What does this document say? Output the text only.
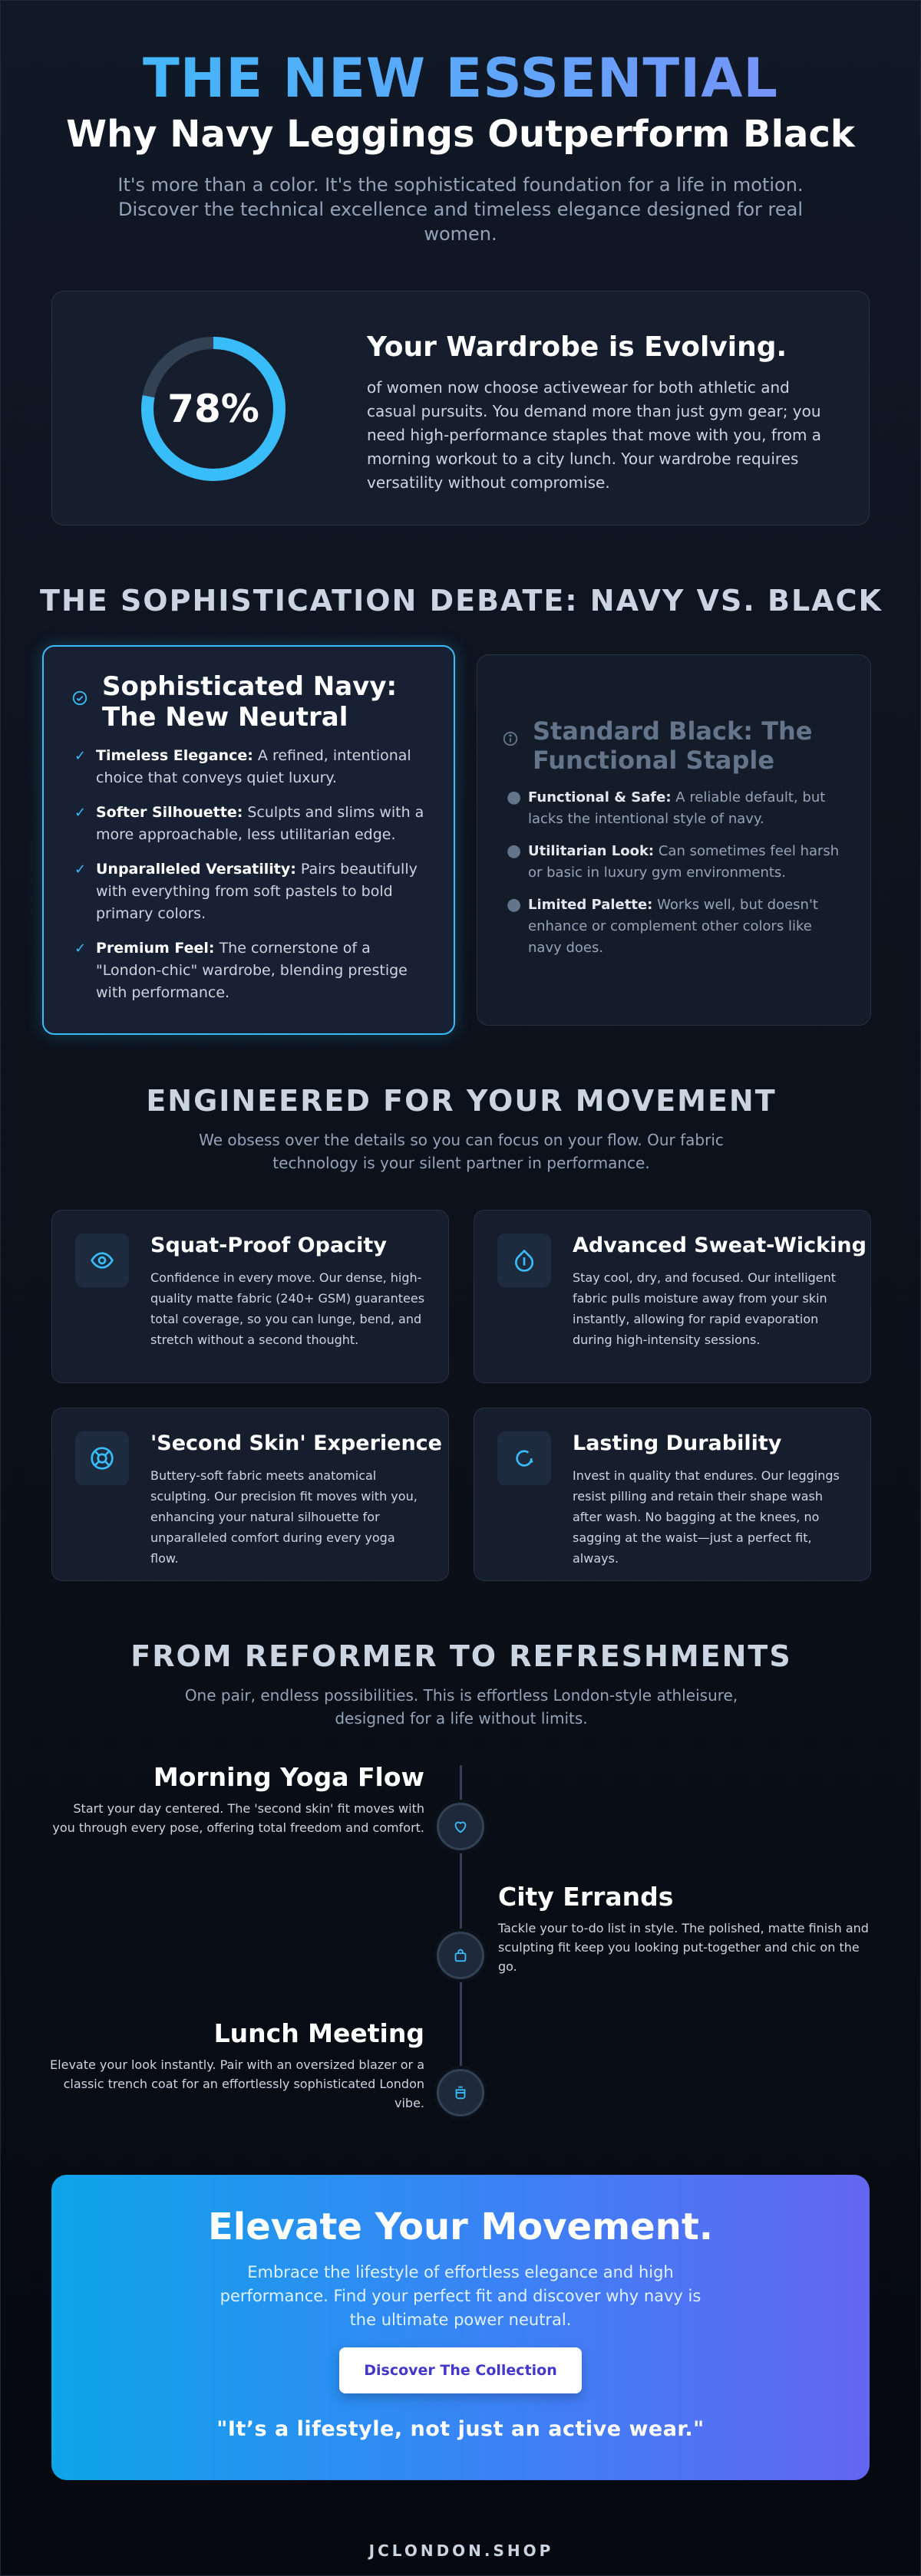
THE NEW ESSENTIAL
Why Navy Leggings Outperform Black

It's more than a color. It's the sophisticated foundation for a life in motion. Discover the technical excellence and timeless elegance designed for real women.

78%
Your Wardrobe is Evolving.

of women now choose activewear for both athletic and casual pursuits. You demand more than just gym gear; you need high-performance staples that move with you, from a morning workout to a city lunch. Your wardrobe requires versatility without compromise.

THE SOPHISTICATION DEBATE: NAVY VS. BLACK
Sophisticated Navy: The New Neutral
✓ Timeless Elegance: A refined, intentional choice that conveys quiet luxury.
✓ Softer Silhouette: Sculpts and slims with a more approachable, less utilitarian edge.
✓ Unparalleled Versatility: Pairs beautifully with everything from soft pastels to bold primary colors.
✓ Premium Feel: The cornerstone of a "London-chic" wardrobe, blending prestige with performance.
Standard Black: The Functional Staple
● Functional & Safe: A reliable default, but lacks the intentional style of navy.
● Utilitarian Look: Can sometimes feel harsh or basic in luxury gym environments.
● Limited Palette: Works well, but doesn't enhance or complement other colors like navy does.
ENGINEERED FOR YOUR MOVEMENT

We obsess over the details so you can focus on your flow. Our fabric technology is your silent partner in performance.

Squat-Proof Opacity

Confidence in every move. Our dense, high-quality matte fabric (240+ GSM) guarantees total coverage, so you can lunge, bend, and stretch without a second thought.

Advanced Sweat-Wicking

Stay cool, dry, and focused. Our intelligent fabric pulls moisture away from your skin instantly, allowing for rapid evaporation during high-intensity sessions.

'Second Skin' Experience

Buttery-soft fabric meets anatomical sculpting. Our precision fit moves with you, enhancing your natural silhouette for unparalleled comfort during every yoga flow.

Lasting Durability

Invest in quality that endures. Our leggings resist pilling and retain their shape wash after wash. No bagging at the knees, no sagging at the waist—just a perfect fit, always.

FROM REFORMER TO REFRESHMENTS

One pair, endless possibilities. This is effortless London-style athleisure, designed for a life without limits.

Morning Yoga Flow

Start your day centered. The 'second skin' fit moves with you through every pose, offering total freedom and comfort.

City Errands

Tackle your to-do list in style. The polished, matte finish and sculpting fit keep you looking put-together and chic on the go.

Lunch Meeting

Elevate your look instantly. Pair with an oversized blazer or a classic trench coat for an effortlessly sophisticated London vibe.

Elevate Your Movement.

Embrace the lifestyle of effortless elegance and high performance. Find your perfect fit and discover why navy is the ultimate power neutral.

Discover The Collection

"It’s a lifestyle, not just an active wear."

JCLONDON.SHOP
